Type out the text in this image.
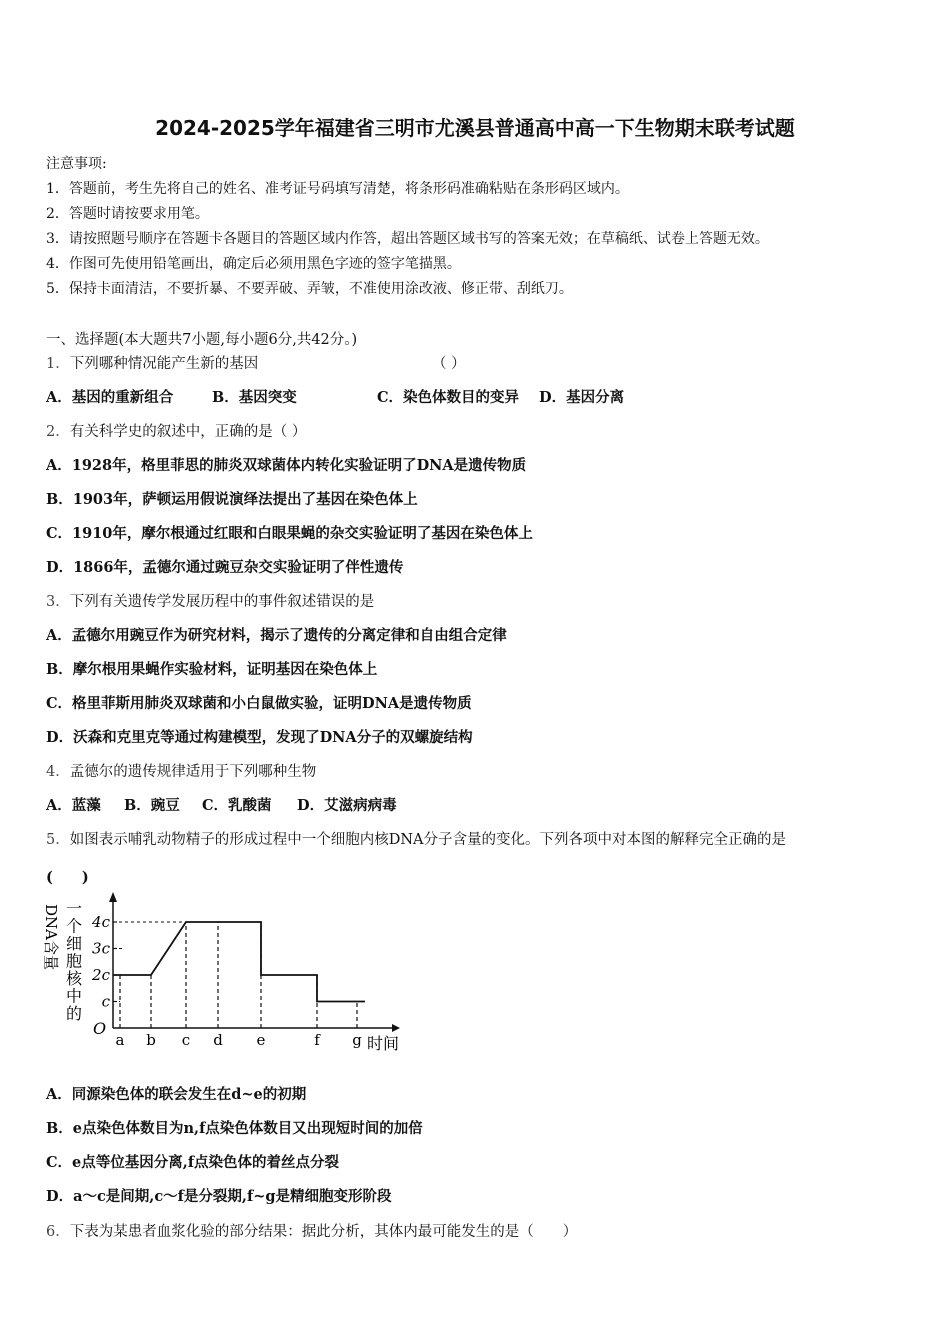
2024-2025学年福建省三明市尤溪县普通高中高一下生物期末联考试题
注意事项:
1．答题前，考生先将自己的姓名、准考证号码填写清楚，将条形码准确粘贴在条形码区域内。
2．答题时请按要求用笔。
3．请按照题号顺序在答题卡各题目的答题区域内作答，超出答题区域书写的答案无效；在草稿纸、试卷上答题无效。
4．作图可先使用铅笔画出，确定后必须用黑色字迹的签字笔描黑。
5．保持卡面清洁，不要折暴、不要弄破、弄皱，不准使用涂改液、修正带、刮纸刀。
一、选择题(本大题共7小题,每小题6分,共42分。)
1．下列哪种情况能产生新的基因	（ ）
A．基因的重新组合	B．基因突变	C．染色体数目的变异 D．基因分离
2．有关科学史的叙述中，正确的是（ ）
A．1928年，格里菲思的肺炎双球菌体内转化实验证明了DNA是遗传物质
B．1903年，萨顿运用假说演绎法提出了基因在染色体上
C．1910年，摩尔根通过红眼和白眼果蝇的杂交实验证明了基因在染色体上
D．1866年，孟德尔通过豌豆杂交实验证明了伴性遗传
3．下列有关遗传学发展历程中的事件叙述错误的是
A．孟德尔用豌豆作为研究材料，揭示了遗传的分离定律和自由组合定律
B．摩尔根用果蝇作实验材料，证明基因在染色体上
C．格里菲斯用肺炎双球菌和小白鼠做实验，证明DNA是遗传物质
D．沃森和克里克等通过构建模型，发现了DNA分子的双螺旋结构
4．孟德尔的遗传规律适用于下列哪种生物
A．蓝藻 B．豌豆 C．乳酸菌 D．艾滋病病毒
5．如图表示哺乳动物精子的形成过程中一个细胞内核DNA分子含量的变化。下列各项中对本图的解释完全正确的是
(　　)
一
个
细
胞
核
中
的
DNA含量
O
时间
c
2c
3c
4c
a b c d e	f g
A．同源染色体的联会发生在d~e的初期
B．e点染色体数目为n,f点染色体数目又出现短时间的加倍
C．e点等位基因分离,f点染色体的着丝点分裂
D．a～c是间期,c～f是分裂期,f~g是精细胞变形阶段
6．下表为某患者血浆化验的部分结果：据此分析，其体内最可能发生的是（　　）
